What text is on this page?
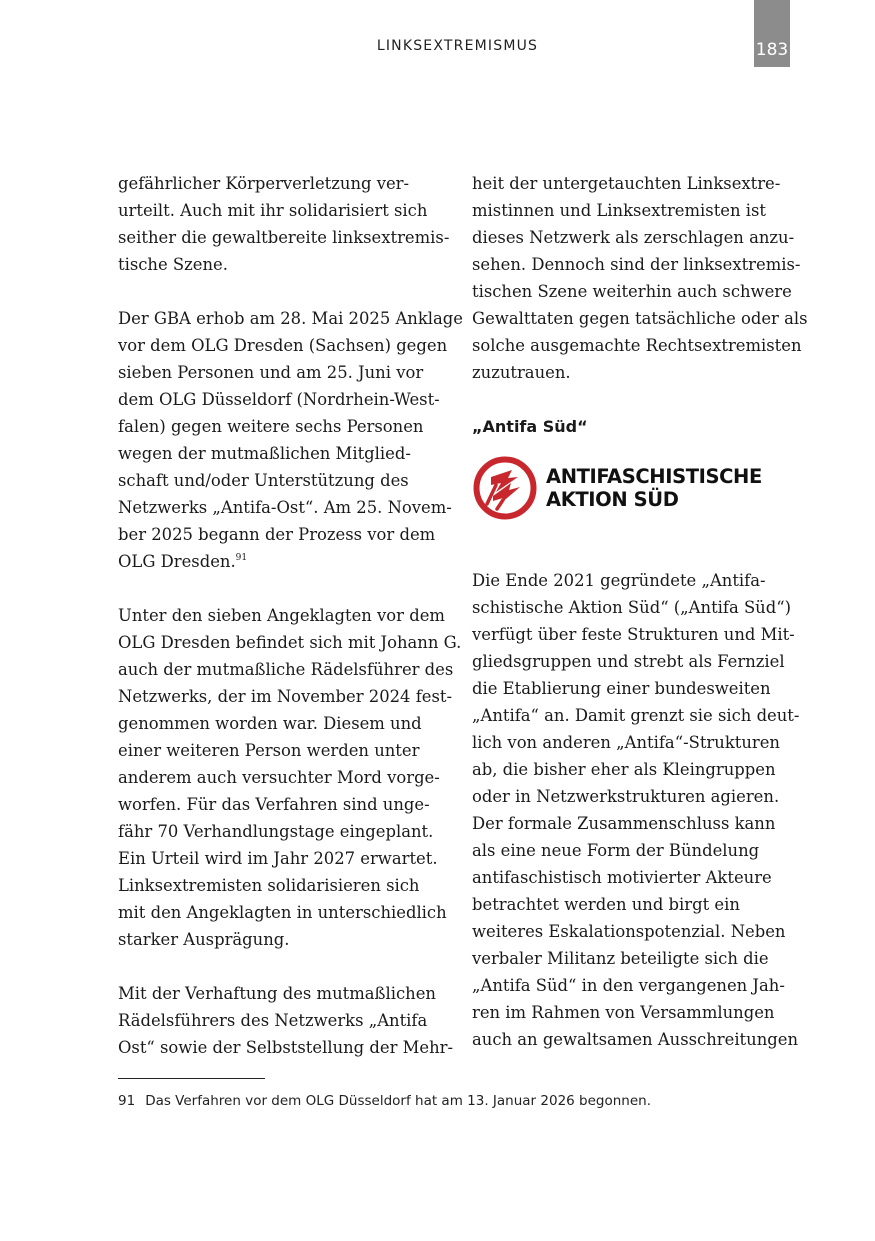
LINKSEXTREMISMUS	183
gefährlicher Körperverletzung ver-
urteilt. Auch mit ihr solidarisiert sich
seither die gewaltbereite linksextremis-
tische Szene.
Der GBA erhob am 28. Mai 2025 Anklage
vor dem OLG Dresden (Sachsen) gegen
sieben Personen und am 25. Juni vor
dem OLG Düsseldorf (Nordrhein-West-
falen) gegen weitere sechs Personen
wegen der mutmaßlichen Mitglied-
schaft und/oder Unterstützung des
Netzwerks „Antifa-Ost“. Am 25. Novem-
ber 2025 begann der Prozess vor dem
OLG Dresden.$^{91}$
Unter den sieben Angeklagten vor dem
OLG Dresden befindet sich mit Johann G.
auch der mutmaßliche Rädelsführer des
Netzwerks, der im November 2024 fest-
genommen worden war. Diesem und
einer weiteren Person werden unter
anderem auch versuchter Mord vorge-
worfen. Für das Verfahren sind unge-
fähr 70 Verhandlungstage eingeplant.
Ein Urteil wird im Jahr 2027 erwartet.
Linksextremisten solidarisieren sich
mit den Angeklagten in unterschiedlich
starker Ausprägung.
Mit der Verhaftung des mutmaßlichen
Rädelsführers des Netzwerks „Antifa
Ost“ sowie der Selbststellung der Mehr-
heit der untergetauchten Linksextre-
mistinnen und Linksextremisten ist
dieses Netzwerk als zerschlagen anzu-
sehen. Dennoch sind der linksextremis-
tischen Szene weiterhin auch schwere
Gewalttaten gegen tatsächliche oder als
solche ausgemachte Rechtsextremisten
zuzutrauen.

„Antifa Süd“

ANTIFASCHISTISCHE
AKTION SÜD
Die Ende 2021 gegründete „Antifa-
schistische Aktion Süd“ („Antifa Süd“)
verfügt über feste Strukturen und Mit-
gliedsgruppen und strebt als Fernziel
die Etablierung einer bundesweiten
„Antifa“ an. Damit grenzt sie sich deut-
lich von anderen „Antifa“-Strukturen
ab, die bisher eher als Kleingruppen
oder in Netzwerkstrukturen agieren.
Der formale Zusammenschluss kann
als eine neue Form der Bündelung
antifaschistisch motivierter Akteure
betrachtet werden und birgt ein
weiteres Eskalationspotenzial. Neben
verbaler Militanz beteiligte sich die
„Antifa Süd“ in den vergangenen Jah-
ren im Rahmen von Versammlungen
auch an gewaltsamen Ausschreitungen
91 Das Verfahren vor dem OLG Düsseldorf hat am 13. Januar 2026 begonnen.
